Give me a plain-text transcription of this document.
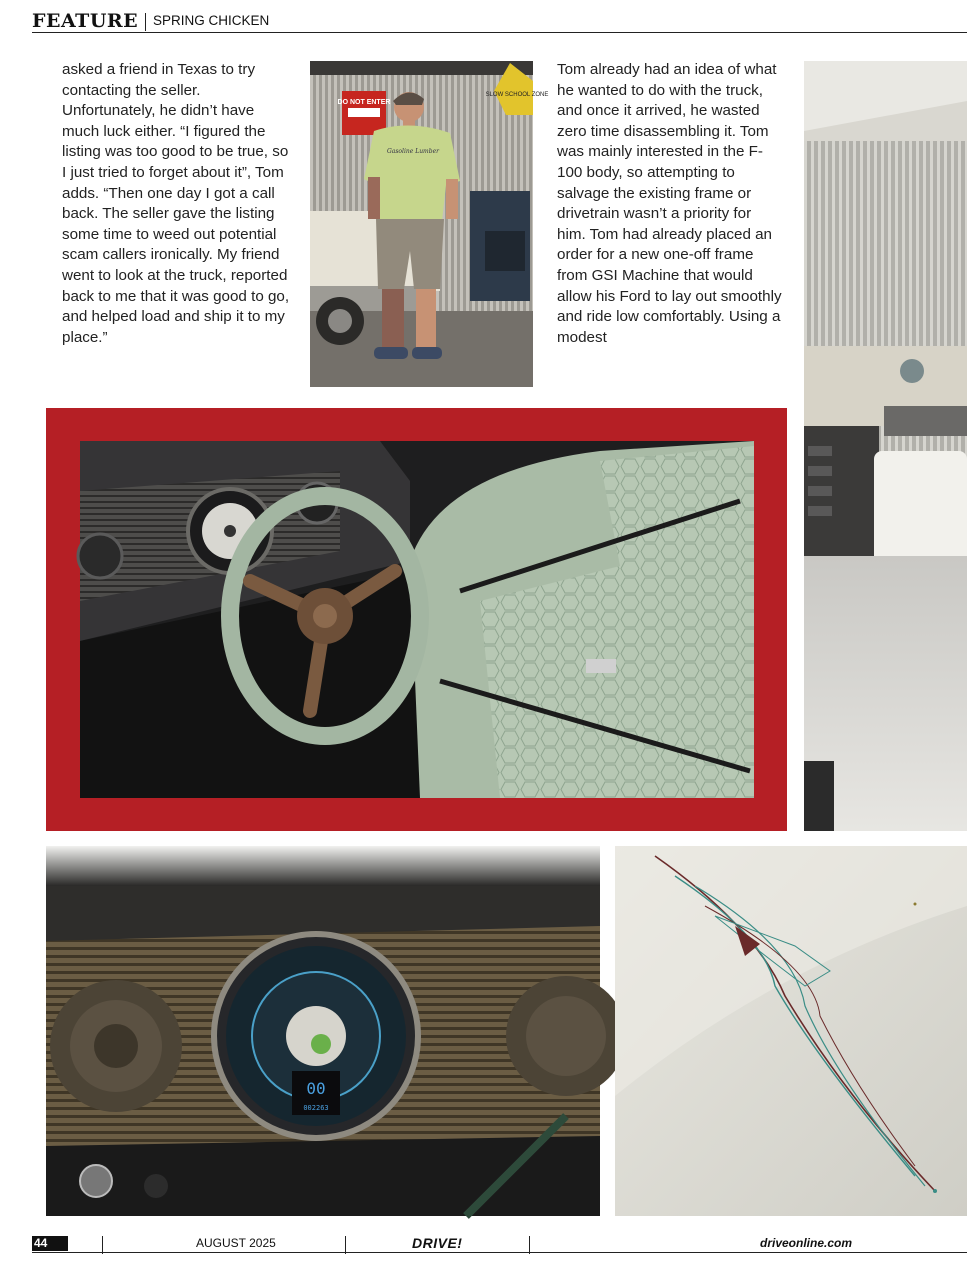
FEATURE SPRING CHICKEN

asked a friend in Texas to try contacting the seller. Unfortunately, he didn’t have much luck either. “I figured the listing was too good to be true, so I just tried to forget about it”, Tom adds. “Then one day I got a call back. The seller gave the listing some time to weed out potential scam callers ironically. My friend went to look at the truck, reported back to me that it was good to go, and helped load and ship it to my place.”

Tom already had an idea of what he wanted to do with the truck, and once it arrived, he wasted zero time disassembling it. Tom was mainly interested in the F-100 body, so attempting to salvage the existing frame or drivetrain wasn’t a priority for him. Tom had already placed an order for a new one-off frame from GSI Machine that would allow his Ford to lay out smoothly and ride low comfortably. Using a modest

DO NOT ENTER
SLOW SCHOOL ZONE
Gasoline Lumber
00
002263
44	AUGUST 2025	DRIVE!	driveonline.com
